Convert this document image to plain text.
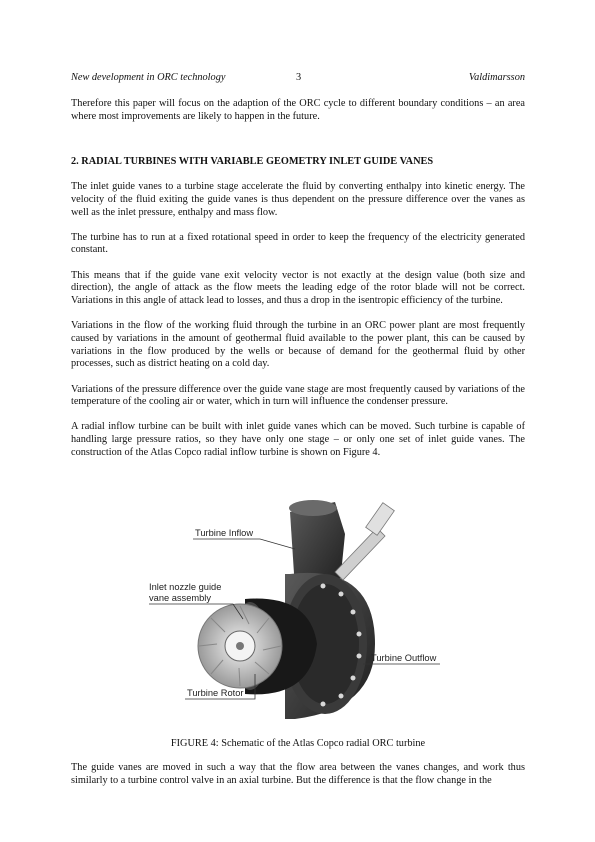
New development in ORC technology	3	Valdimarsson

Therefore this paper will focus on the adaption of the ORC cycle to different boundary conditions – an area where most improvements are likely to happen in the future.

2. RADIAL TURBINES WITH VARIABLE GEOMETRY INLET GUIDE VANES

The inlet guide vanes to a turbine stage accelerate the fluid by converting enthalpy into kinetic energy. The velocity of the fluid exiting the guide vanes is thus dependent on the pressure difference over the vanes as well as the inlet pressure, enthalpy and mass flow.

The turbine has to run at a fixed rotational speed in order to keep the frequency of the electricity generated constant.

This means that if the guide vane exit velocity vector is not exactly at the design value (both size and direction), the angle of attack as the flow meets the leading edge of the rotor blade will not be correct. Variations in this angle of attack lead to losses, and thus a drop in the isentropic efficiency of the turbine.

Variations in the flow of the working fluid through the turbine in an ORC power plant are most frequently caused by variations in the amount of geothermal fluid available to the power plant, this can be caused by variations in the flow produced by the wells or because of demand for the geothermal fluid by other processes, such as district heating on a cold day.

Variations of the pressure difference over the guide vane stage are most frequently caused by variations of the temperature of the cooling air or water, which in turn will influence the condenser pressure.

A radial inflow turbine can be built with inlet guide vanes which can be moved. Such turbine is capable of handling large pressure ratios, so they have only one stage – or only one set of inlet guide vanes. The construction of the Atlas Copco radial inflow turbine is shown on Figure 4.

Turbine Inflow
Inlet nozzle guide
vane assembly
Turbine Outflow
Turbine Rotor
FIGURE 4: Schematic of the Atlas Copco radial ORC turbine
The guide vanes are moved in such a way that the flow area between the vanes changes, and work thus similarly to a turbine control valve in an axial turbine. But the difference is that the flow change in the
